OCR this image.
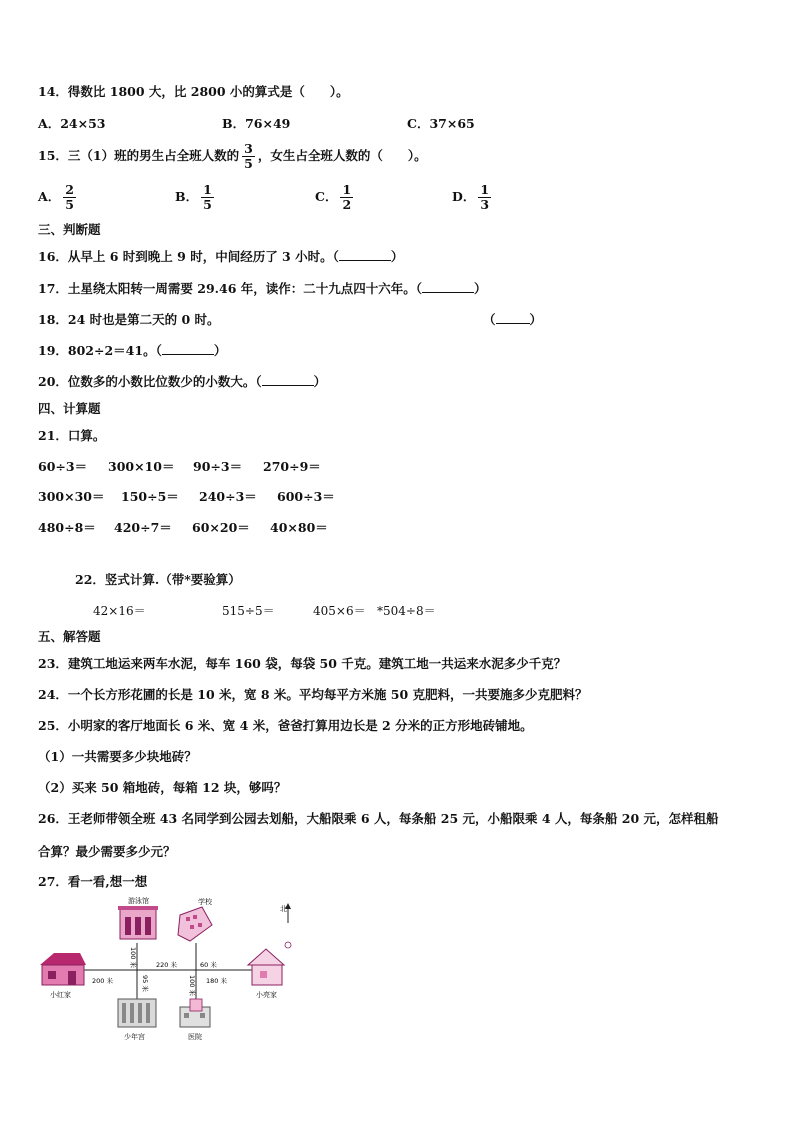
14．得数比 1800 大，比 2800 小的算式是（　　）。
A．24×53	B．76×49	C．37×65
15．三（1）班的男生占全班人数的 $\frac{3}{5}$ ，女生占全班人数的（　　）。
A． $\frac{2}{5}$	B． $\frac{1}{5}$	C． $\frac{1}{2}$	D． $\frac{1}{3}$
三、判断题
16．从早上 6 时到晚上 9 时，中间经历了 3 小时。（	）
17．土星绕太阳转一周需要 29.46 年，读作：二十九点四十六年。（	）
18．24 时也是第二天的 0 时。	（	）
19．802÷2＝41。（	）
20．位数多的小数比位数少的小数大。（	）
四、计算题
21．口算。
60÷3＝ 300×10＝ 90÷3＝ 270÷9＝
300×30＝ 150÷5＝ 240÷3＝ 600÷3＝
480÷8＝ 420÷7＝ 60×20＝ 40×80＝
22．竖式计算.（带*要验算）
42×16＝	515÷5＝	405×6＝ *504÷8＝
五、解答题
23．建筑工地运来两车水泥，每车 160 袋，每袋 50 千克。建筑工地一共运来水泥多少千克？
24．一个长方形花圃的长是 10 米，宽 8 米。平均每平方米施 50 克肥料，一共要施多少克肥料？
25．小明家的客厅地面长 6 米、宽 4 米，爸爸打算用边长是 2 分米的正方形地砖铺地。
（1）一共需要多少块地砖？
（2）买来 50 箱地砖，每箱 12 块，够吗？
26．王老师带领全班 43 名同学到公园去划船，大船限乘 6 人，每条船 25 元，小船限乘 4 人，每条船 20 元，怎样租船
合算？最少需要多少元？
27．看一看,想一想
北
游泳馆	学校
小红家	小亮家
少年宫	医院
200 米
220 米	60 米
180 米
100 米
95 米	100 米
